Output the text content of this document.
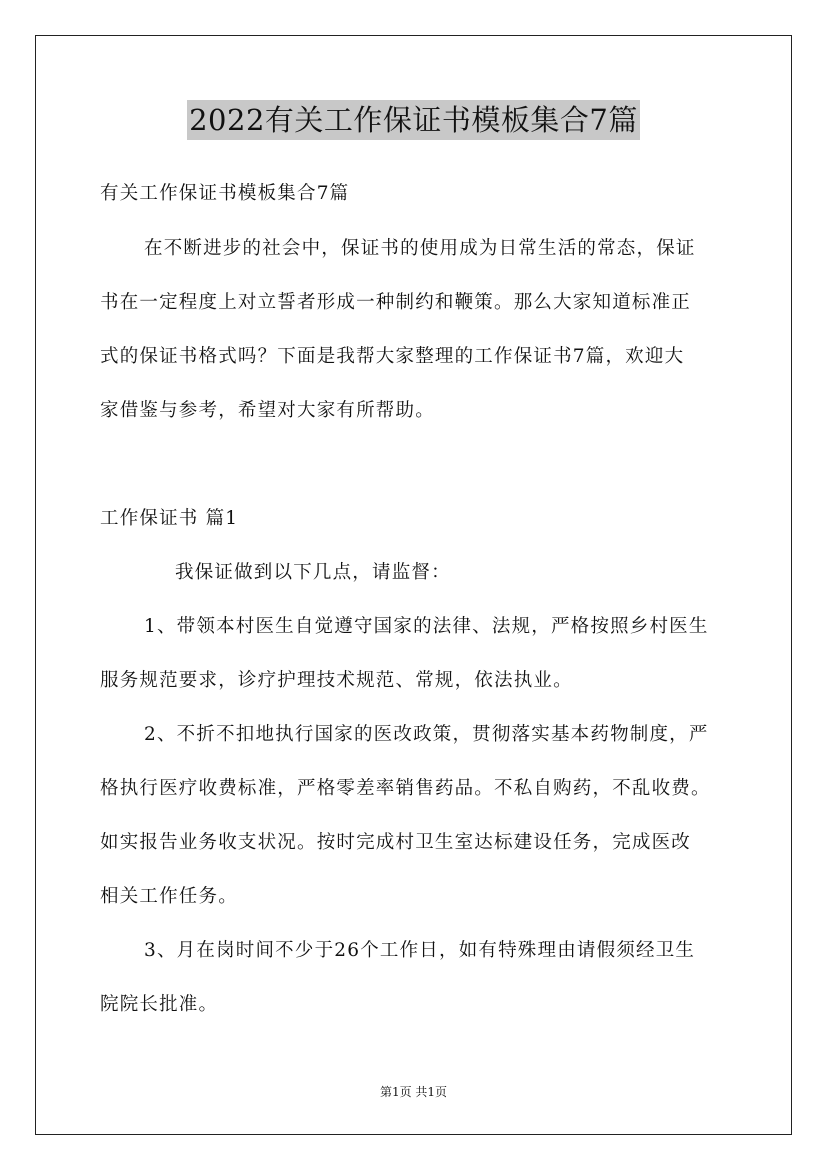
2022有关工作保证书模板集合7篇
有关工作保证书模板集合7篇
在不断进步的社会中，保证书的使用成为日常生活的常态，保证
书在一定程度上对立誓者形成一种制约和鞭策。那么大家知道标准正
式的保证书格式吗？下面是我帮大家整理的工作保证书7篇，欢迎大
家借鉴与参考，希望对大家有所帮助。
工作保证书 篇1
我保证做到以下几点，请监督：
1、带领本村医生自觉遵守国家的法律、法规，严格按照乡村医生
服务规范要求，诊疗护理技术规范、常规，依法执业。
2、不折不扣地执行国家的医改政策，贯彻落实基本药物制度，严
格执行医疗收费标准，严格零差率销售药品。不私自购药，不乱收费。
如实报告业务收支状况。按时完成村卫生室达标建设任务，完成医改
相关工作任务。
3、月在岗时间不少于26个工作日，如有特殊理由请假须经卫生
院院长批准。
第1页 共1页
